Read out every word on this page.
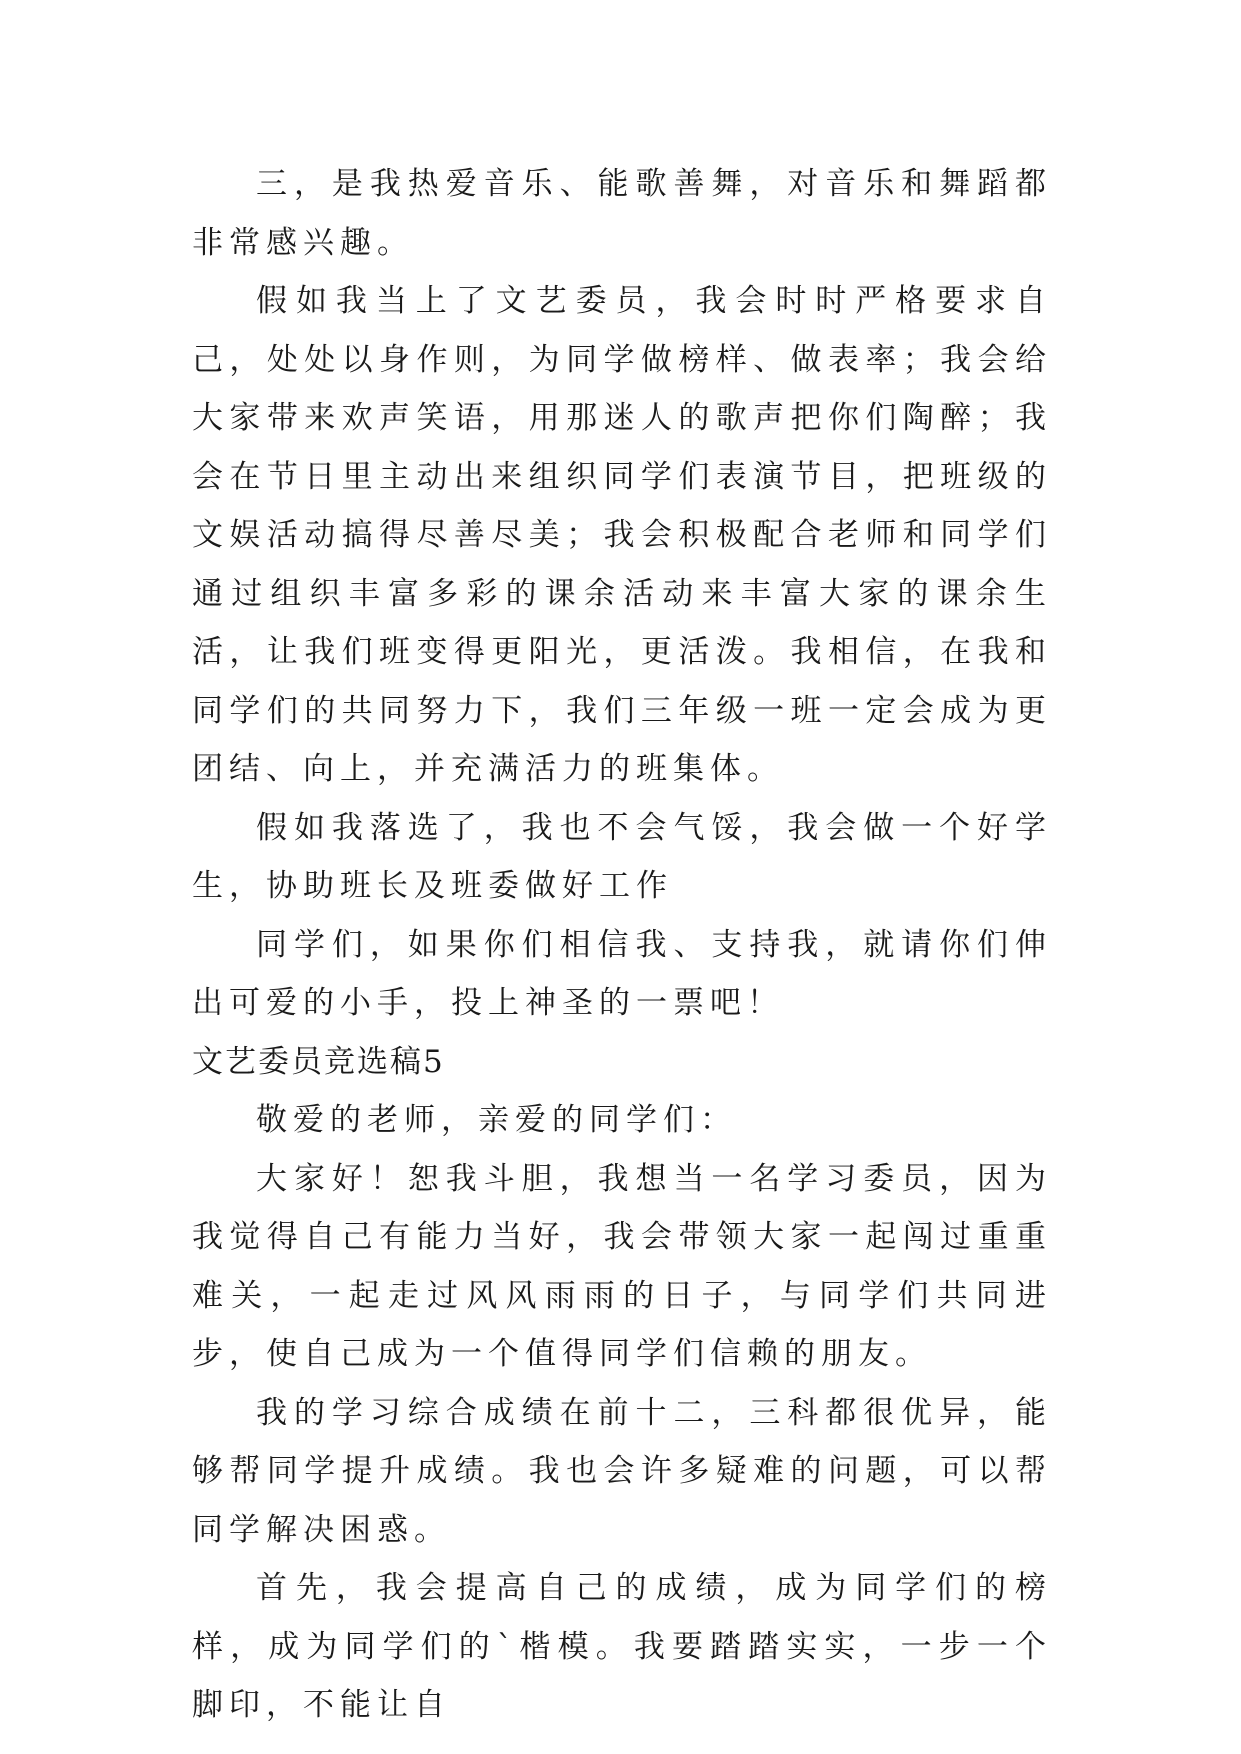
三，是我热爱音乐、能歌善舞，对音乐和舞蹈都非常感兴趣。

假如我当上了文艺委员，我会时时严格要求自己，处处以身作则，为同学做榜样、做表率；我会给大家带来欢声笑语，用那迷人的歌声把你们陶醉；我会在节日里主动出来组织同学们表演节目，把班级的文娱活动搞得尽善尽美；我会积极配合老师和同学们通过组织丰富多彩的课余活动来丰富大家的课余生活，让我们班变得更阳光，更活泼。我相信，在我和同学们的共同努力下，我们三年级一班一定会成为更团结、向上，并充满活力的班集体。

假如我落选了，我也不会气馁，我会做一个好学生，协助班长及班委做好工作

同学们，如果你们相信我、支持我，就请你们伸出可爱的小手，投上神圣的一票吧！

文艺委员竞选稿5

敬爱的老师，亲爱的同学们：

大家好！恕我斗胆，我想当一名学习委员，因为我觉得自己有能力当好，我会带领大家一起闯过重重难关，一起走过风风雨雨的日子，与同学们共同进步，使自己成为一个值得同学们信赖的朋友。

我的学习综合成绩在前十二，三科都很优异，能够帮同学提升成绩。我也会许多疑难的问题，可以帮同学解决困惑。

首先，我会提高自己的成绩，成为同学们的榜样，成为同学们的`楷模。我要踏踏实实，一步一个脚印，不能让自
